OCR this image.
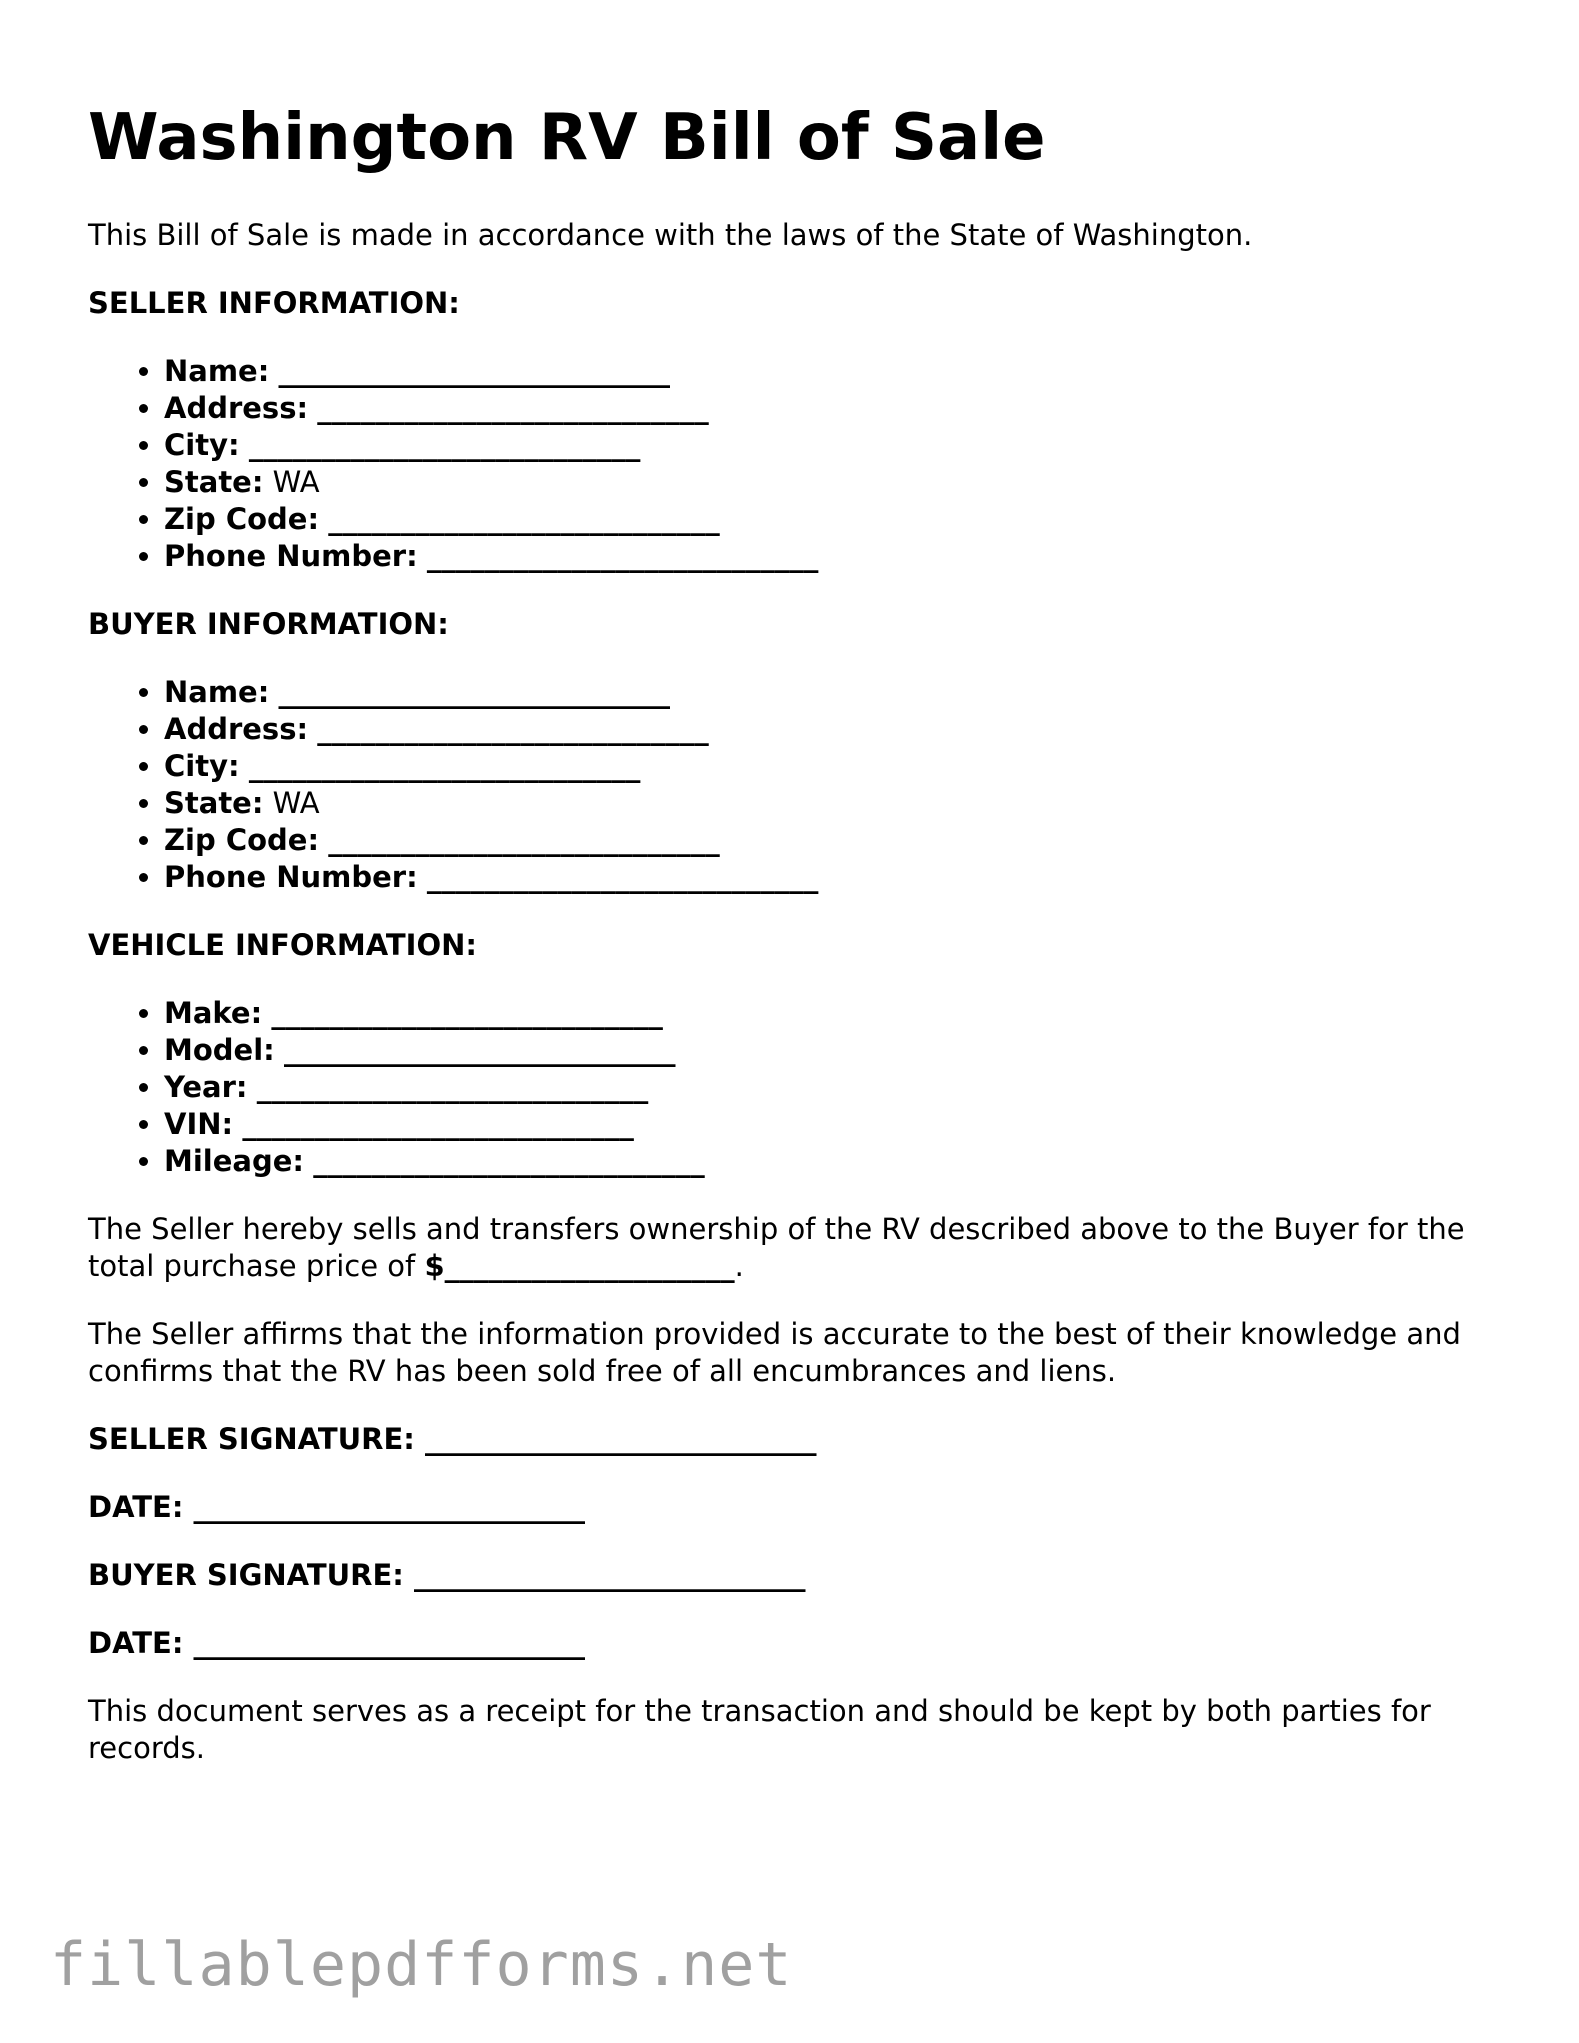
Washington RV Bill of Sale

This Bill of Sale is made in accordance with the laws of the State of Washington.

SELLER INFORMATION:
• Name: ___________________________
• Address: ___________________________
• City: ___________________________
• State: WA
• Zip Code: ___________________________
• Phone Number: ___________________________
BUYER INFORMATION:
• Name: ___________________________
• Address: ___________________________
• City: ___________________________
• State: WA
• Zip Code: ___________________________
• Phone Number: ___________________________
VEHICLE INFORMATION:
• Make: ___________________________
• Model: ___________________________
• Year: ___________________________
• VIN: ___________________________
• Mileage: ___________________________

The Seller hereby sells and transfers ownership of the RV described above to the Buyer for the total purchase price of $____________________.

The Seller affirms that the information provided is accurate to the best of their knowledge and confirms that the RV has been sold free of all encumbrances and liens.

SELLER SIGNATURE: ___________________________
DATE: ___________________________
BUYER SIGNATURE: ___________________________
DATE: ___________________________

This document serves as a receipt for the transaction and should be kept by both parties for records.

fillablepdfforms.net
